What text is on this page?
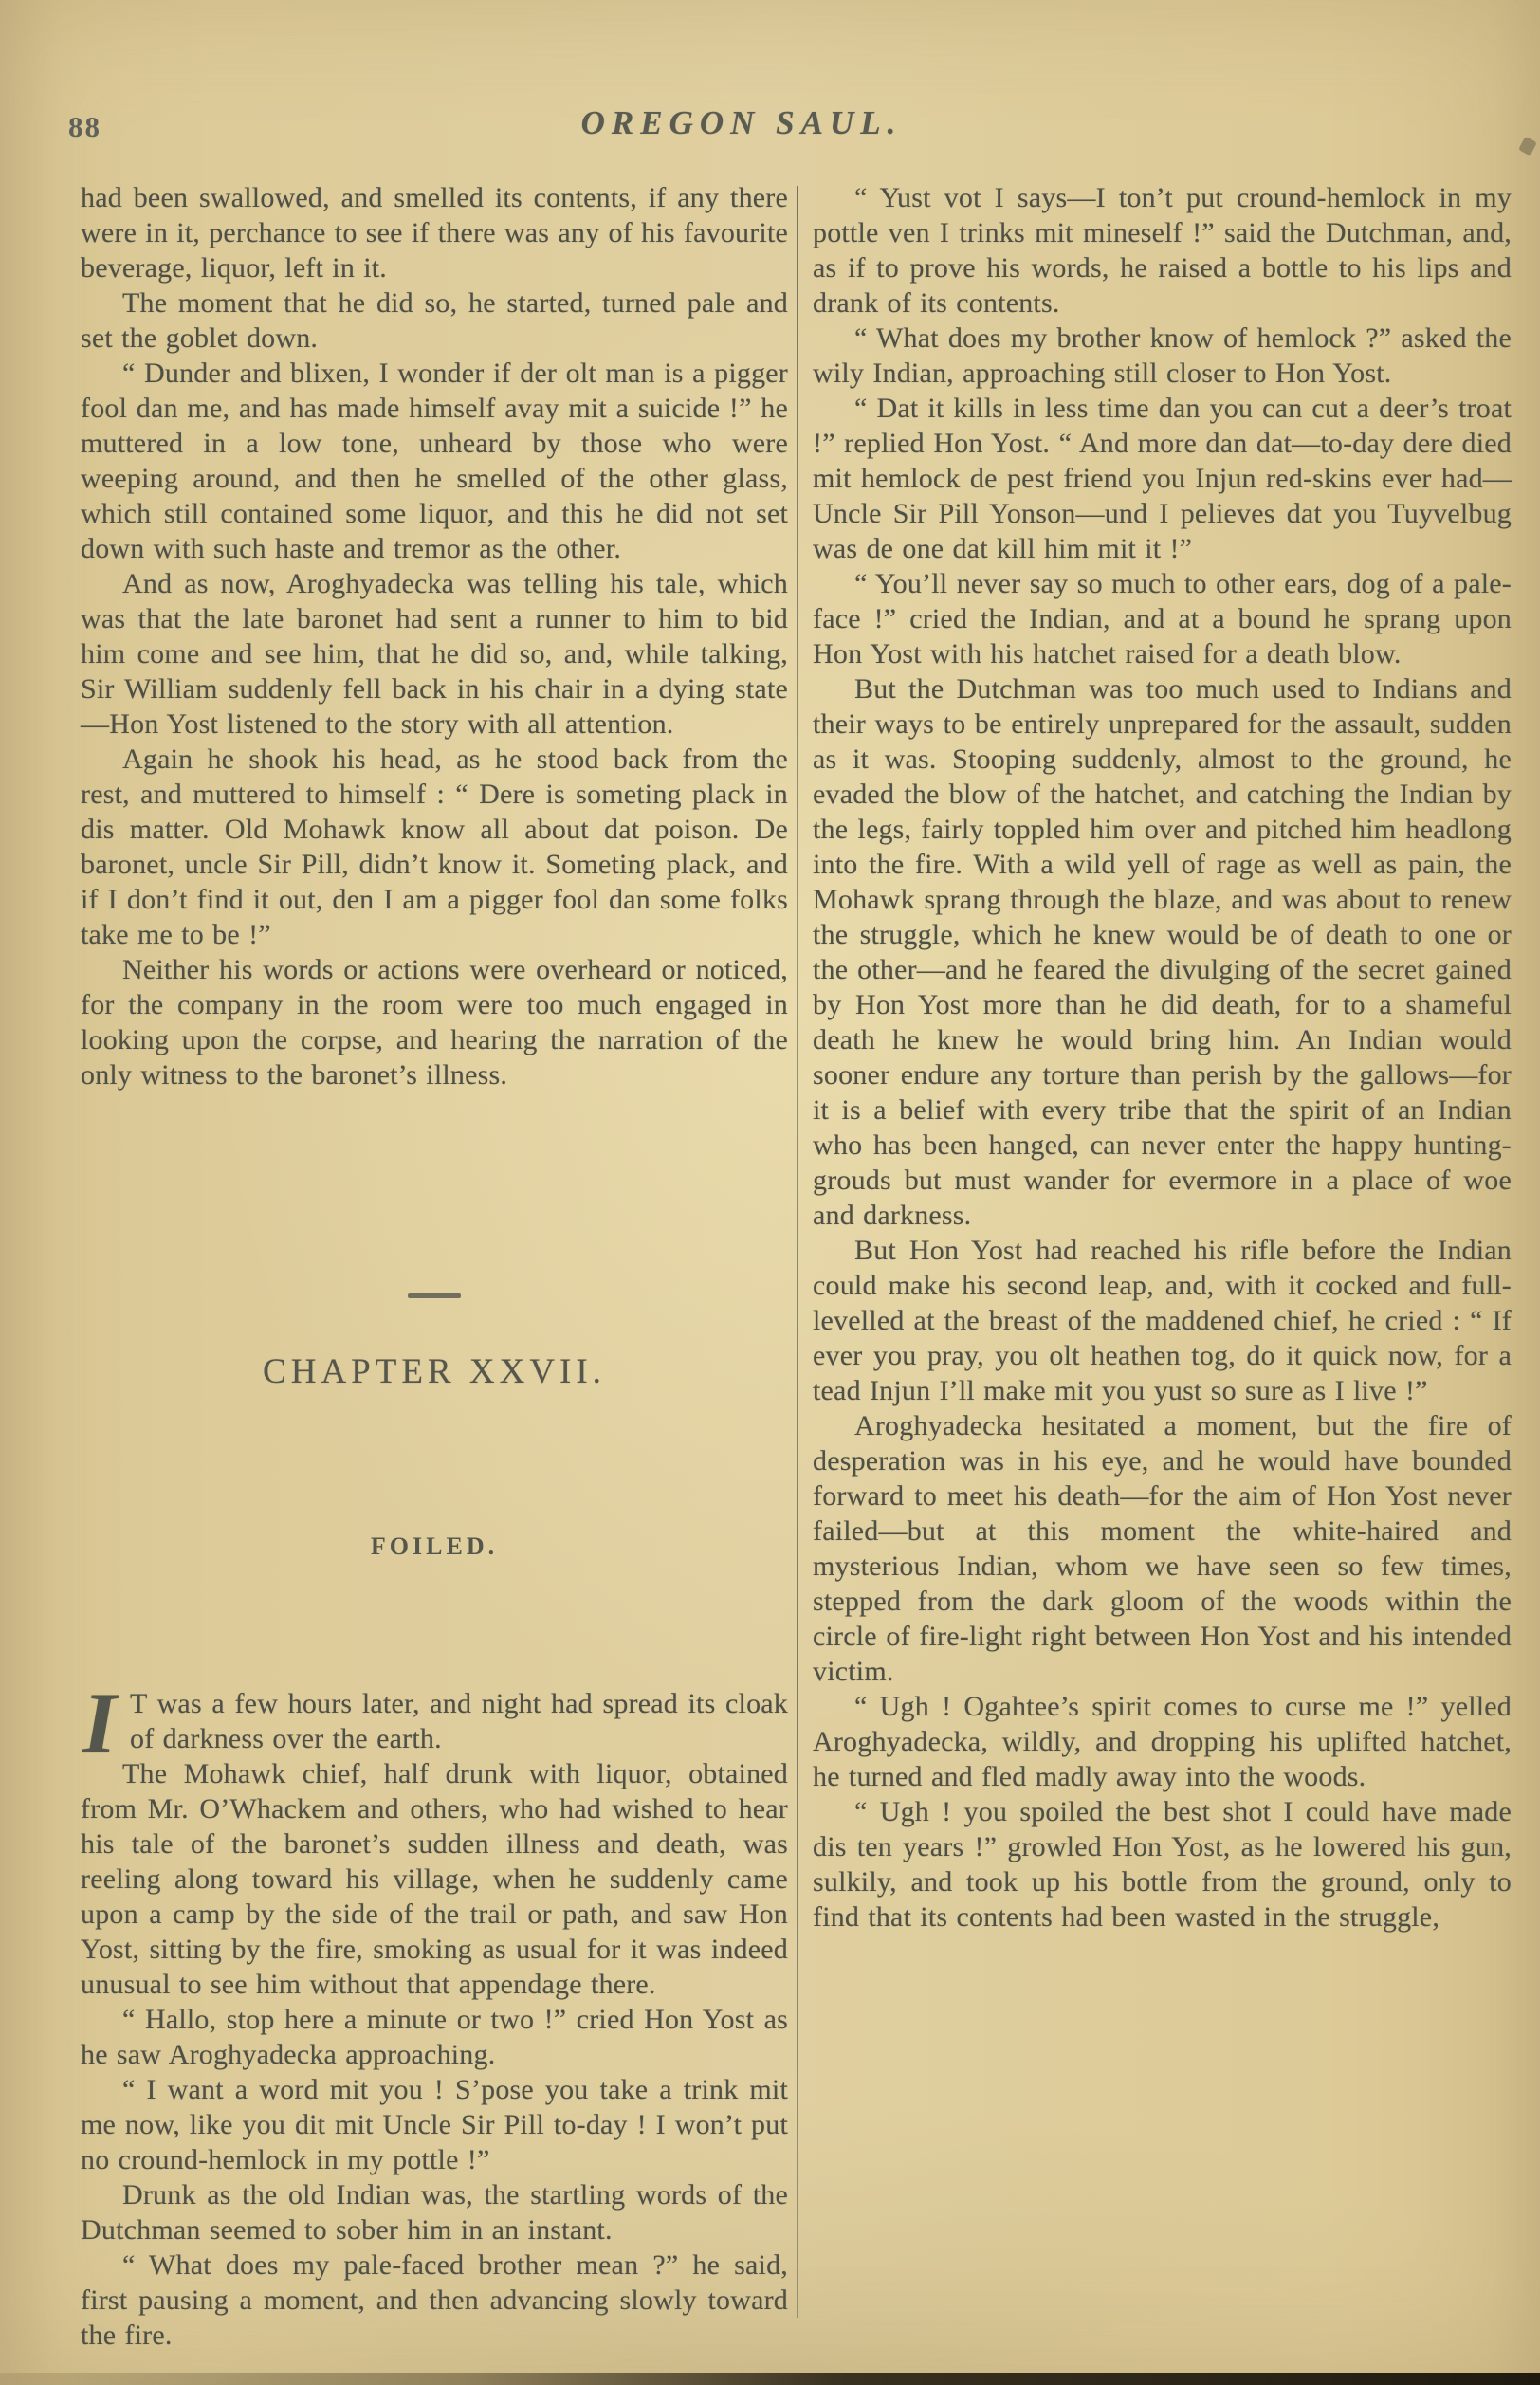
88	OREGON SAUL.

had been swallowed, and smelled its contents, if any there were in it, perchance to see if there was any of his favourite beverage, liquor, left in it.

The moment that he did so, he started, turned pale and set the goblet down.

“ Dunder and blixen, I wonder if der olt man is a pigger fool dan me, and has made himself avay mit a suicide !” he muttered in a low tone, unheard by those who were weeping around, and then he smelled of the other glass, which still contained some liquor, and this he did not set down with such haste and tremor as the other.

And as now, Aroghyadecka was telling his tale, which was that the late baronet had sent a runner to him to bid him come and see him, that he did so, and, while talking, Sir William suddenly fell back in his chair in a dying state—Hon Yost listened to the story with all attention.

Again he shook his head, as he stood back from the rest, and muttered to himself : “ Dere is someting plack in dis matter. Old Mohawk know all about dat poison. De baronet, uncle Sir Pill, didn’t know it. Someting plack, and if I don’t find it out, den I am a pigger fool dan some folks take me to be !”

Neither his words or actions were overheard or noticed, for the company in the room were too much engaged in looking upon the corpse, and hearing the narration of the only witness to the baronet’s illness.

CHAPTER XXVII.
FOILED.

I T was a few hours later, and night had spread its cloak of darkness over the earth.

The Mohawk chief, half drunk with liquor, obtained from Mr. O’Whackem and others, who had wished to hear his tale of the baronet’s sudden illness and death, was reeling along toward his village, when he suddenly came upon a camp by the side of the trail or path, and saw Hon Yost, sitting by the fire, smoking as usual for it was indeed unusual to see him without that appendage there.

“ Hallo, stop here a minute or two !” cried Hon Yost as he saw Aroghyadecka approaching.

“ I want a word mit you ! S’pose you take a trink mit me now, like you dit mit Uncle Sir Pill to-day ! I won’t put no cround-hemlock in my pottle !”

Drunk as the old Indian was, the startling words of the Dutchman seemed to sober him in an instant.

“ What does my pale-faced brother mean ?” he said, first pausing a moment, and then advancing slowly toward the fire.

“ Yust vot I says—I ton’t put cround-hemlock in my pottle ven I trinks mit mineself !” said the Dutchman, and, as if to prove his words, he raised a bottle to his lips and drank of its contents.

“ What does my brother know of hemlock ?” asked the wily Indian, approaching still closer to Hon Yost.

“ Dat it kills in less time dan you can cut a deer’s troat !” replied Hon Yost. “ And more dan dat—to-day dere died mit hemlock de pest friend you Injun red-skins ever had—Uncle Sir Pill Yonson—und I pelieves dat you Tuyvelbug was de one dat kill him mit it !”

“ You’ll never say so much to other ears, dog of a pale-face !” cried the Indian, and at a bound he sprang upon Hon Yost with his hatchet raised for a death blow.

But the Dutchman was too much used to Indians and their ways to be entirely unprepared for the assault, sudden as it was. Stooping suddenly, almost to the ground, he evaded the blow of the hatchet, and catching the Indian by the legs, fairly toppled him over and pitched him headlong into the fire. With a wild yell of rage as well as pain, the Mohawk sprang through the blaze, and was about to renew the struggle, which he knew would be of death to one or the other—and he feared the divulging of the secret gained by Hon Yost more than he did death, for to a shameful death he knew he would bring him. An Indian would sooner endure any torture than perish by the gallows—for it is a belief with every tribe that the spirit of an Indian who has been hanged, can never enter the happy hunting-grouds but must wander for evermore in a place of woe and darkness.

But Hon Yost had reached his rifle before the Indian could make his second leap, and, with it cocked and full-levelled at the breast of the maddened chief, he cried : “ If ever you pray, you olt heathen tog, do it quick now, for a tead Injun I’ll make mit you yust so sure as I live !”

Aroghyadecka hesitated a moment, but the fire of desperation was in his eye, and he would have bounded forward to meet his death—for the aim of Hon Yost never failed—but at this moment the white-haired and mysterious Indian, whom we have seen so few times, stepped from the dark gloom of the woods within the circle of fire-light right between Hon Yost and his intended victim.

“ Ugh ! Ogahtee’s spirit comes to curse me !” yelled Aroghyadecka, wildly, and dropping his uplifted hatchet, he turned and fled madly away into the woods.

“ Ugh ! you spoiled the best shot I could have made dis ten years !” growled Hon Yost, as he lowered his gun, sulkily, and took up his bottle from the ground, only to find that its contents had been wasted in the struggle,
